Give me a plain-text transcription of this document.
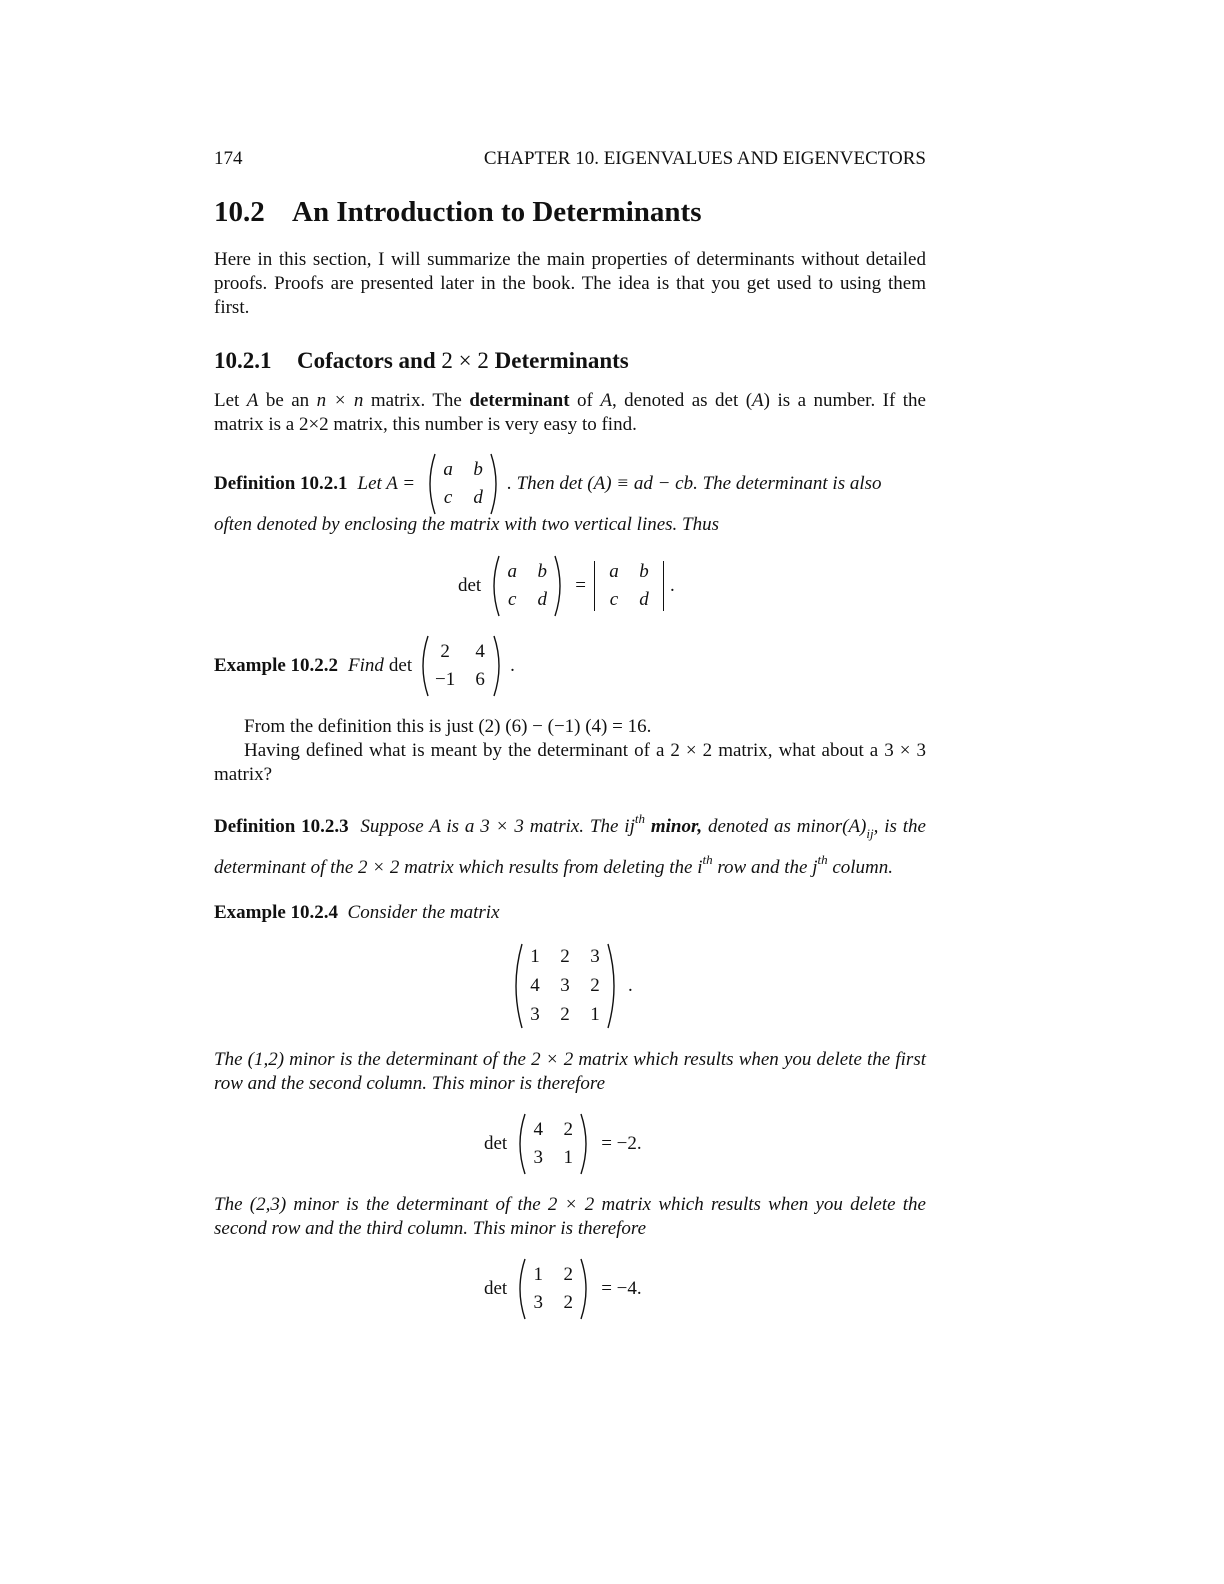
174	CHAPTER 10. EIGENVALUES AND EIGENVECTORS
10.2 An Introduction to Determinants

Here in this section, I will summarize the main properties of determinants without detailed proofs. Proofs are presented later in the book. The idea is that you get used to using them first.

10.2.1 Cofactors and 2 × 2 Determinants

Let A be an n × n matrix. The determinant of A, denoted as det (A) is a number. If the matrix is a 2×2 matrix, this number is very easy to find.

Definition 10.2.1 Let A =
a b
c d
. Then det (A) ≡ ad − cb. The determinant is also

often denoted by enclosing the matrix with two vertical lines. Thus

det
a b
c d
=
a b
c d
.
Example 10.2.2 Find det
2	4
−1 6
.

From the definition this is just (2) (6) − (−1) (4) = 16.

Having defined what is meant by the determinant of a 2 × 2 matrix, what about a 3 × 3 matrix?

Definition 10.2.3 Suppose A is a 3 × 3 matrix. The $ij^{th}$ minor, denoted as $minor(A)_{ij}$, is the determinant of the 2 × 2 matrix which results from deleting the $i^{th}$ row and the $j^{th}$ column.

Example 10.2.4 Consider the matrix

1 2 3
4 3 2
3 2 1
.

The (1,2) minor is the determinant of the 2 × 2 matrix which results when you delete the first row and the second column. This minor is therefore

det
4 2
3 1
= −2.

The (2,3) minor is the determinant of the 2 × 2 matrix which results when you delete the second row and the third column. This minor is therefore

det
1 2
3 2
= −4.
